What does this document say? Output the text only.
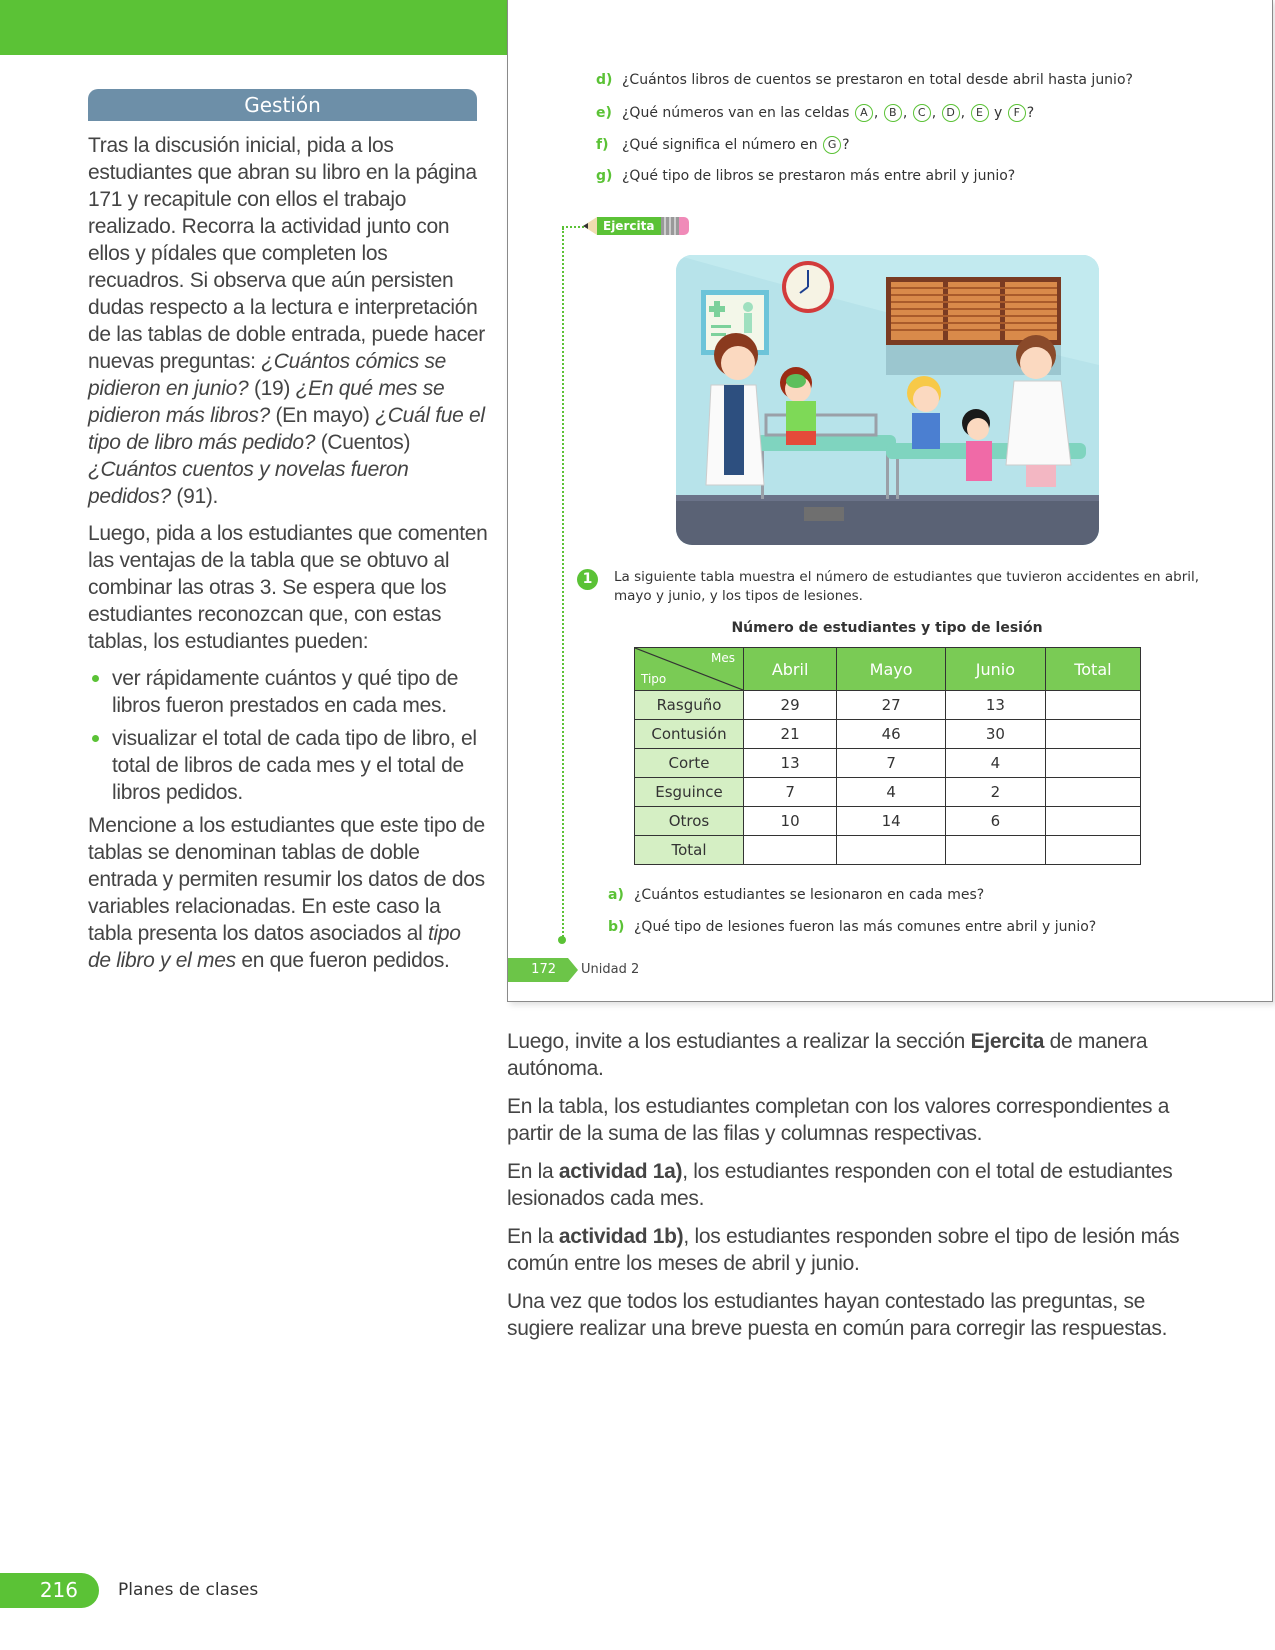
Gestión

Tras la discusión inicial, pida a los estudiantes que abran su libro en la página 171 y recapitule con ellos el trabajo realizado. Recorra la actividad junto con ellos y pídales que completen los recuadros. Si observa que aún persisten dudas respecto a la lectura e interpretación de las tablas de doble entrada, puede hacer nuevas preguntas: ¿Cuántos cómics se pidieron en junio? (19) ¿En qué mes se pidieron más libros? (En mayo) ¿Cuál fue el tipo de libro más pedido? (Cuentos) ¿Cuántos cuentos y novelas fueron pedidos? (91).

Luego, pida a los estudiantes que comenten las ventajas de la tabla que se obtuvo al combinar las otras 3. Se espera que los estudiantes reconozcan que, con estas tablas, los estudiantes pueden:

ver rápidamente cuántos y qué tipo de libros fueron prestados en cada mes.
visualizar el total de cada tipo de libro, el total de libros de cada mes y el total de libros pedidos.

Mencione a los estudiantes que este tipo de tablas se denominan tablas de doble entrada y permiten resumir los datos de dos variables relacionadas. En este caso la tabla presenta los datos asociados al tipo de libro y el mes en que fueron pedidos.

d) ¿Cuántos libros de cuentos se prestaron en total desde abril hasta junio?
e) ¿Qué números van en las celdas A , B , C , D , E y F ?
f) ¿Qué significa el número en G ?
g) ¿Qué tipo de libros se prestaron más entre abril y junio?
Ejercita
1	La siguiente tabla muestra el número de estudiantes que tuvieron accidentes en abril, mayo y junio, y los tipos de lesiones.
Número de estudiantes y tipo de lesión
Mes
Tipo	Abril	Mayo	Junio	Total
Rasguño	29	27	13	
Contusión	21	46	30	
Corte	13	7	4	
Esguince	7	4	2	
Otros	10	14	6	
Total				
a) ¿Cuántos estudiantes se lesionaron en cada mes?
b) ¿Qué tipo de lesiones fueron las más comunes entre abril y junio?
172	Unidad 2

Luego, invite a los estudiantes a realizar la sección Ejercita de manera autónoma.

En la tabla, los estudiantes completan con los valores correspondientes a partir de la suma de las filas y columnas respectivas.

En la actividad 1a), los estudiantes responden con el total de estudiantes lesionados cada mes.

En la actividad 1b), los estudiantes responden sobre el tipo de lesión más común entre los meses de abril y junio.

Una vez que todos los estudiantes hayan contestado las preguntas, se sugiere realizar una breve puesta en común para corregir las respuestas.

216	Planes de clases
